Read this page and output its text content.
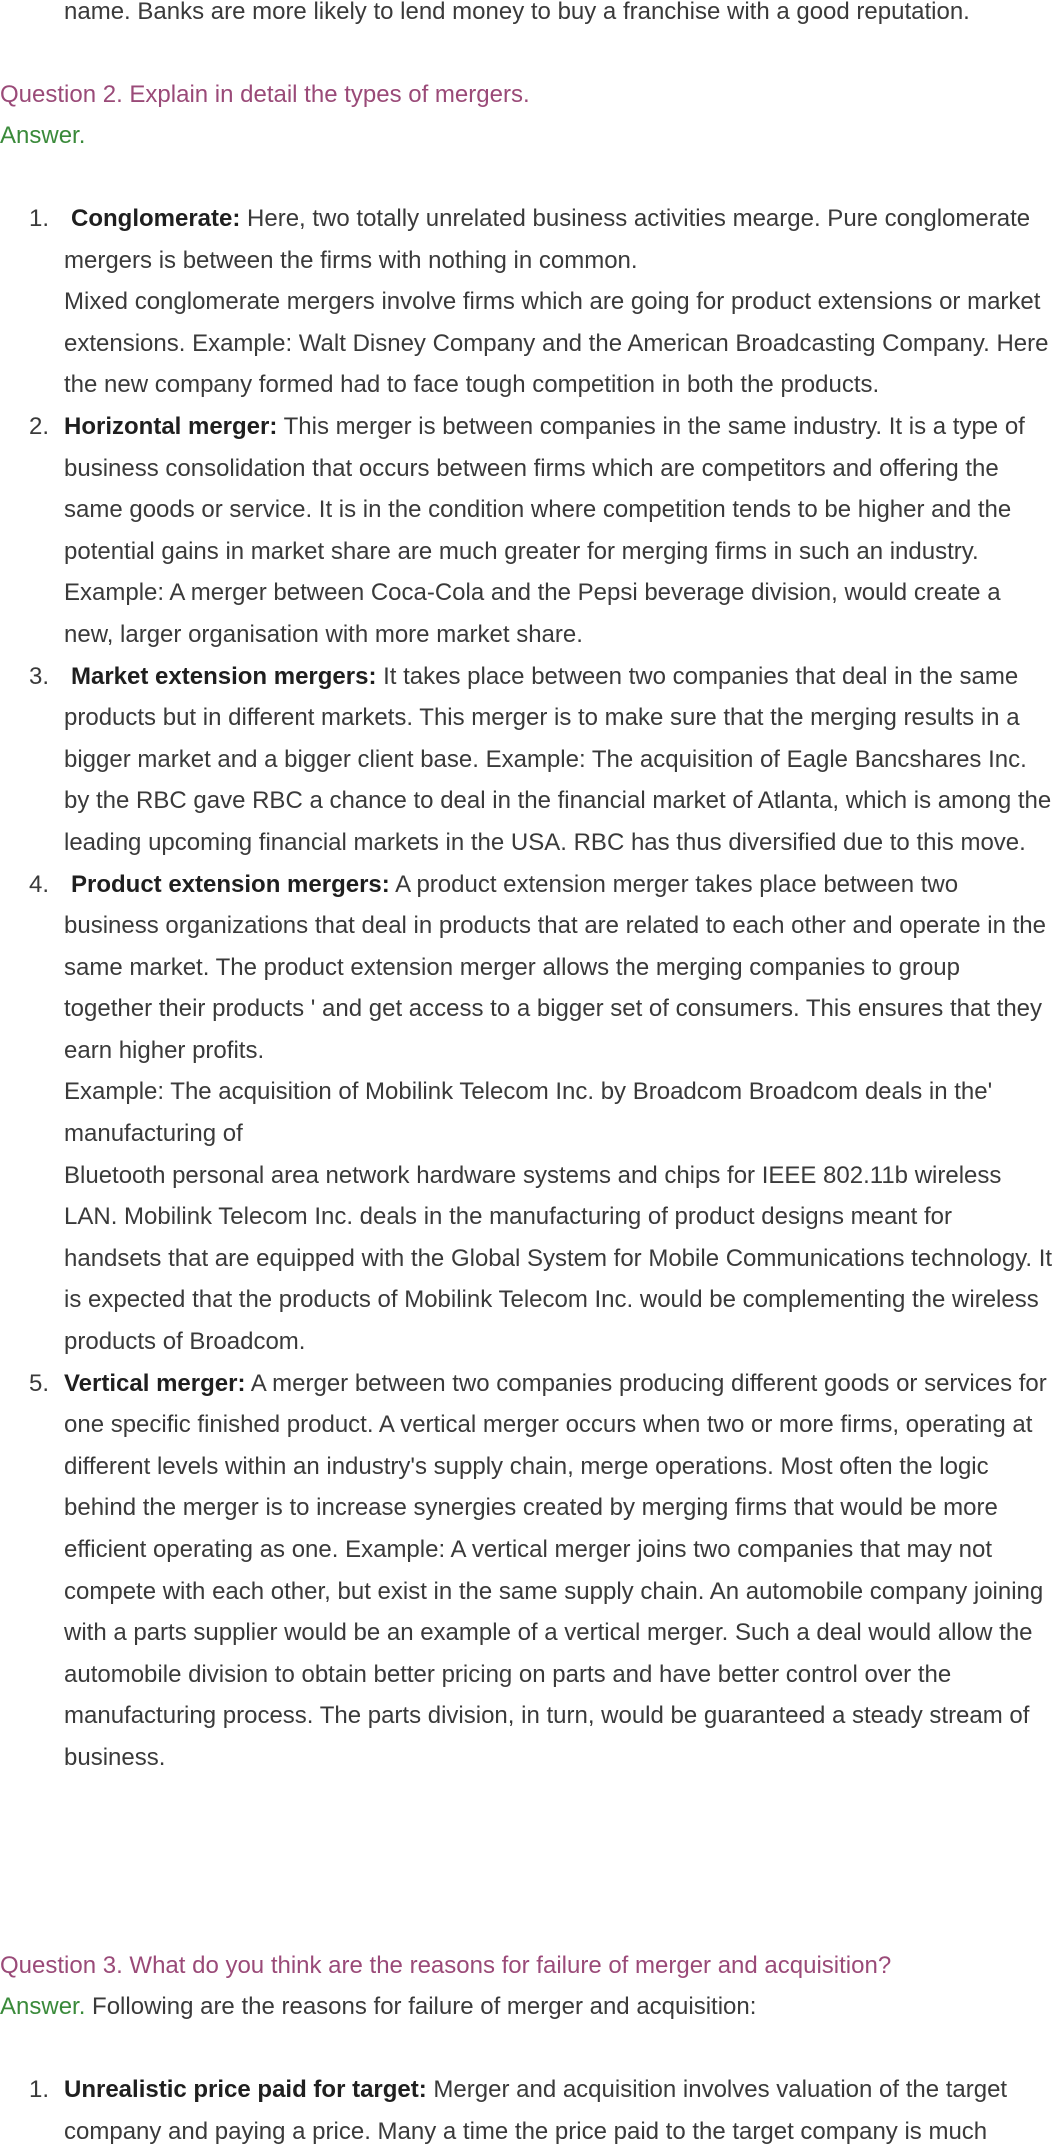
name. Banks are more likely to lend money to buy a franchise with a good reputation.
Question 2. Explain in detail the types of mergers.
Answer.
1. Conglomerate: Here, two totally unrelated business activities mearge. Pure conglomerate mergers is between the firms with nothing in common.
Mixed conglomerate mergers involve firms which are going for product extensions or market extensions. Example: Walt Disney Company and the American Broadcasting Company. Here the new company formed had to face tough competition in both the products.
2. Horizontal merger: This merger is between companies in the same industry. It is a type of business consolidation that occurs between firms which are competitors and offering the same goods or service. It is in the condition where competition tends to be higher and the potential gains in market share are much greater for merging firms in such an industry.
Example: A merger between Coca-Cola and the Pepsi beverage division, would create a new, larger organisation with more market share.
3. Market extension mergers: It takes place between two companies that deal in the same products but in different markets. This merger is to make sure that the merging results in a bigger market and a bigger client base. Example: The acquisition of Eagle Bancshares Inc. by the RBC gave RBC a chance to deal in the financial market of Atlanta, which is among the leading upcoming financial markets in the USA. RBC has thus diversified due to this move.
4. Product extension mergers: A product extension merger takes place between two business organizations that deal in products that are related to each other and operate in the same market. The product extension merger allows the merging companies to group together their products ' and get access to a bigger set of consumers. This ensures that they earn higher profits.
Example: The acquisition of Mobilink Telecom Inc. by Broadcom Broadcom deals in the' manufacturing of
Bluetooth personal area network hardware systems and chips for IEEE 802.11b wireless LAN. Mobilink Telecom Inc. deals in the manufacturing of product designs meant for handsets that are equipped with the Global System for Mobile Communications technology. It is expected that the products of Mobilink Telecom Inc. would be complementing the wireless products of Broadcom.
5. Vertical merger: A merger between two companies producing different goods or services for one specific finished product. A vertical merger occurs when two or more firms, operating at different levels within an industry's supply chain, merge operations. Most often the logic behind the merger is to increase synergies created by merging firms that would be more efficient operating as one. Example: A vertical merger joins two companies that may not compete with each other, but exist in the same supply chain. An automobile company joining with a parts supplier would be an example of a vertical merger. Such a deal would allow the automobile division to obtain better pricing on parts and have better control over the manufacturing process. The parts division, in turn, would be guaranteed a steady stream of business.
Question 3. What do you think are the reasons for failure of merger and acquisition?
Answer. Following are the reasons for failure of merger and acquisition:
1. Unrealistic price paid for target: Merger and acquisition involves valuation of the target company and paying a price. Many a time the price paid to the target company is much
